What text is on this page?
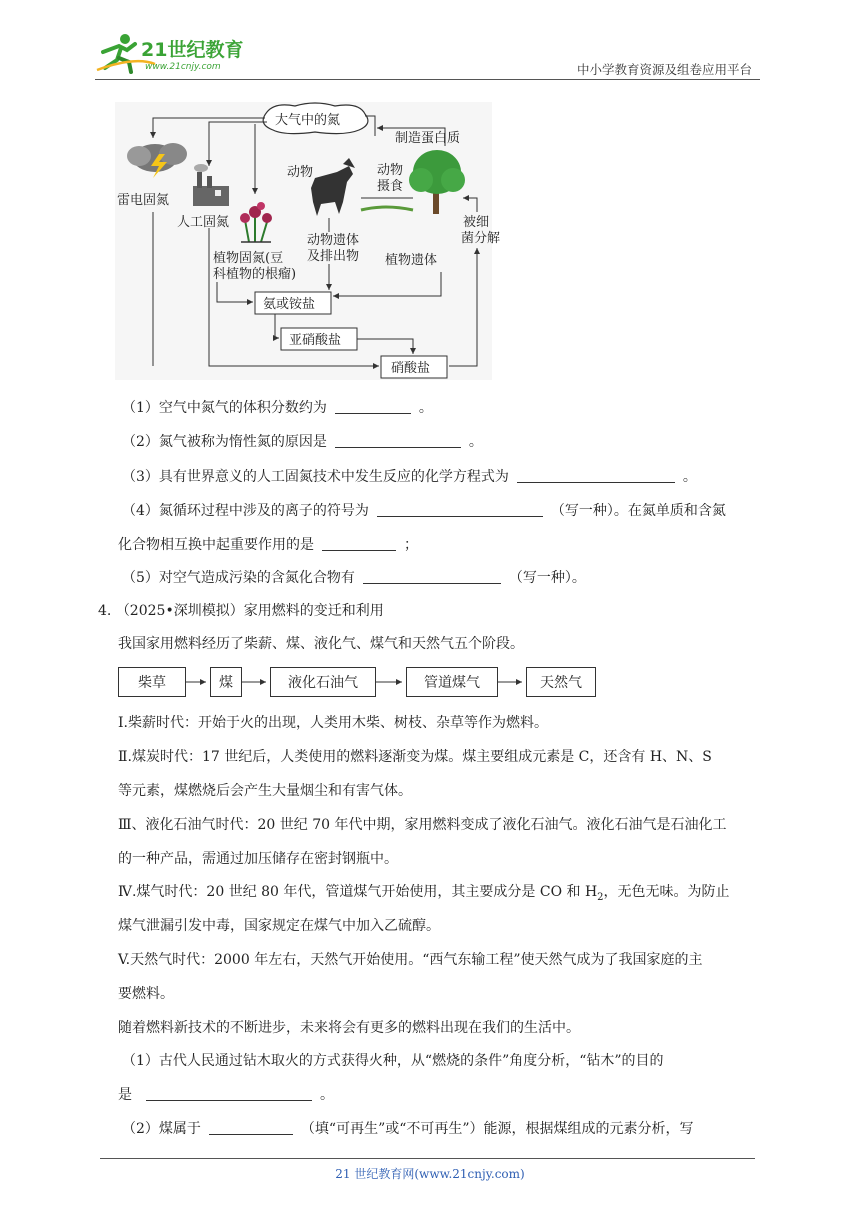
21世纪教育
www.21cnjy.com	中小学教育资源及组卷应用平台
大气中的氮
制造蛋白质
雷电固氮
人工固氮
动物	动物
摄食
被细
菌分解
植物固氮(豆
科植物的根瘤)
动物遗体
及排出物 植物遗体
氨或铵盐
亚硝酸盐
硝酸盐
（1）空气中氮气的体积分数约为	。
（2）氮气被称为惰性氮的原因是	。
（3）具有世界意义的人工固氮技术中发生反应的化学方程式为	。
（4）氮循环过程中涉及的离子的符号为	（写一种）。在氮单质和含氮
化合物相互换中起重要作用的是	；
（5）对空气造成污染的含氮化合物有	（写一种）。
4. （2025•深圳模拟）家用燃料的变迁和利用
我国家用燃料经历了柴薪、煤、液化气、煤气和天然气五个阶段。
柴草	煤	液化石油气	管道煤气	天然气
Ⅰ.柴薪时代：开始于火的出现，人类用木柴、树枝、杂草等作为燃料。
Ⅱ.煤炭时代：17 世纪后，人类使用的燃料逐渐变为煤。煤主要组成元素是 C，还含有 H、N、S
等元素，煤燃烧后会产生大量烟尘和有害气体。
Ⅲ、液化石油气时代：20 世纪 70 年代中期，家用燃料变成了液化石油气。液化石油气是石油化工
的一种产品，需通过加压储存在密封钢瓶中。
Ⅳ.煤气时代：20 世纪 80 年代，管道煤气开始使用，其主要成分是 CO 和 $H_2$，无色无味。为防止
煤气泄漏引发中毒，国家规定在煤气中加入乙硫醇。
V.天然气时代：2000 年左右，天然气开始使用。“西气东输工程”使天然气成为了我国家庭的主
要燃料。
随着燃料新技术的不断进步，未来将会有更多的燃料出现在我们的生活中。
（1）古代人民通过钻木取火的方式获得火种，从“燃烧的条件”角度分析，“钻木”的目的
是	。
（2）煤属于	（填“可再生”或“不可再生”）能源，根据煤组成的元素分析，写
21 世纪教育网(www.21cnjy.com)
